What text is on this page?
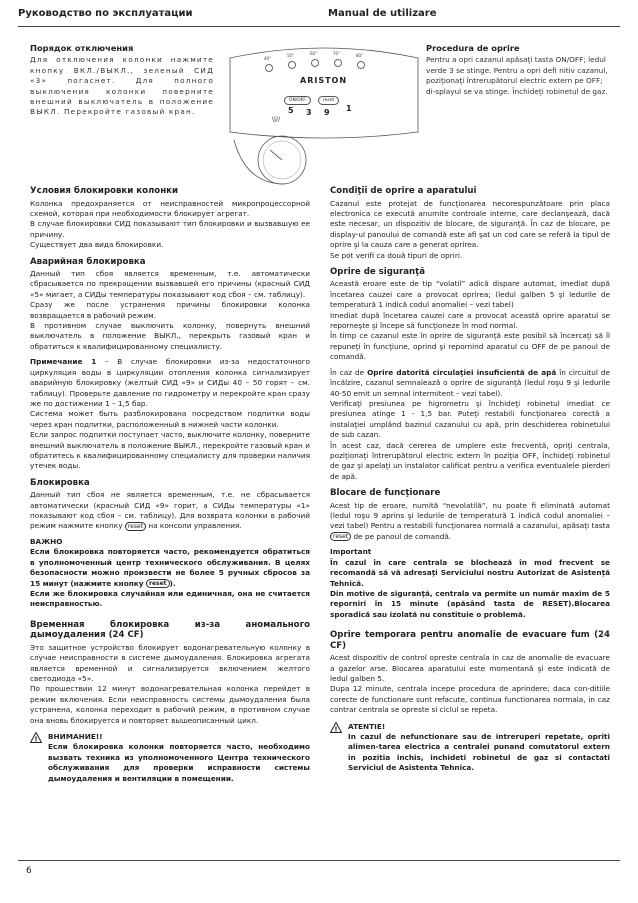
Руководство по эксплуатации	Manual de utilizare
Порядок отключения
Для отключения колонки нажмите кнопку ВКЛ./ВЫКЛ., зеленый СИД «3» погаснет. Для полного выключения колонки поверните внешний выключатель в положение ВЫКЛ. Перекройте газовый кран.
40°
50°	60°	70°	80°
ARISTON
ON/OFF	reset
\|//
5 3 9 1
Procedura de oprire
Pentru a opri cazanul apăsaţi tasta ON/OFF; ledul verde 3 se stinge. Pentru a opri defi nitiv cazanul, poziţionaţi întrerupătorul electric extern pe OFF; di-splayul se va stinge. Închideţi robinetul de gaz.
Условия блокировки колонки

Колонка предохраняется от неисправностей микропроцессорной схемой, которая при необходимости блокирует агрегат.

В случае блокировки СИД показывают тип блокировки и вызвавшую ее причину.

Существует два вида блокировки.

Аварийная блокировка

Данный тип сбоя является временным, т.е. автоматически сбрасывается по прекращении вызвавшей его причины (красный СИД «5» мигает, а СИДы температуры показывают код сбоя – см. таблицу).

Сразу же после устранения причины блокировки колонка возвращается в рабочий режим.

В противном случае выключить колонку, повернуть внешний выключатель в положение ВЫКЛ., перекрыть газовый кран и обратиться к квалифицированному специалисту.

Примечание 1 – В случае блокировки из-за недостаточного циркуляция воды в циркуляции отопления колонка сигнализирует аварийную блокировку (желтый СИД «9» и СИДы 40 – 50 горят – см. таблицу). Проверьте давление по гидрометру и перекройте кран сразу же по достижении 1 – 1,5 бар.

Система может быть разблокирована посредством подпитки воды через кран подпитки, расположенный в нижней части колонки.

Если запрос подпитки поступает часто, выключите колонку, поверните внешний выключатель в положение ВЫКЛ., перекройте газовый кран и обратитесь к квалифицированному специалисту для проверки наличия утечек воды.

Блокировка

Данный тип сбоя не является временным, т.е. не сбрасывается автоматически (красный СИД «9» горит, а СИДы температуры «1» показывают код сбоя – см. таблицу). Для возврата колонки в рабочий режим нажмите кнопку reset на консоли управления.

ВАЖНО
Если блокировка повторяется часто, рекомендуется обратиться в уполномоченный центр технического обслуживания. В целях безопасности можно произвести не более 5 ручных сбросов за 15 минут (нажмите кнопку reset ).
Если же блокировка случайная или единичная, она не считается неисправностью.
Временная блокировка из-за аномального дымоудаления (24 CF)

Это защитное устройство блокирует водонагревательную колонку в случае неисправности в системе дымоудаления. Блокировка агрегата является временной и сигнализируется включением желтого светодиода «5».

По прошествии 12 минут водонагревательная колонка перейдет в режим включения. Если неисправность системы дымоудаления была устранена, колонка переходит в рабочий режим, в противном случае она вновь блокируется и повторяет вышеописанный цикл.

! ВНИМАНИЕ!!
Если блокировка колонки повторяется часто, необходимо вызвать техника из уполномоченного Центра технического обслуживания для проверки исправности системы дымоудаления и вентиляции в помещении.
Condiţii de oprire a aparatului

Cazanul este protejat de funcţionarea necorespunzătoare prin placa electronica ce execută anumite controale interne, care declanşează, dacă este necesar, un dispozitiv de blocare, de siguranţă. În caz de blocare, pe display-ul panoului de comandă este afi şat un cod care se referă la tipul de oprire şi la cauza care a generat oprirea.

Se pot verifi ca două tipuri de opriri.

Oprire de siguranţă

Această eroare este de tip “volatil” adică dispare automat, imediat după încetarea cauzei care a provocat oprirea; (ledul galben 5 şi ledurile de temperatură 1 indică codul anomaliei – vezi tabel)

Imediat după încetarea cauzei care a provocat această oprire aparatul se reporneşte şi începe să funcţioneze în mod normal.

În timp ce cazanul este în oprire de siguranţă este posibil să încercaţi să îl repuneţi în funcţiune, oprind şi repornind aparatul cu OFF de pe panoul de comandă.

În caz de Oprire datorită circulaţiei insuficientă de apă în circuitul de încălzire, cazanul semnalează o oprire de siguranţă (ledul roşu 9 şi ledurile 40-50 emit un semnal intermitent – vezi tabel).

Verificaţi presiunea pe higrometru şi închideţi robinetul imediat ce presiunea atinge 1 - 1,5 bar. Puteţi restabili funcţionarea corectă a instalaţiei umplând bazinul cazanului cu apă, prin deschiderea robinetului de sub cazan.

În acest caz, dacă cererea de umplere este frecventă, opriţi centrala, poziţionaţi întrerupătorul electric extern în poziţia OFF, închideţi robinetul de gaz şi apelaţi un instalator calificat pentru a verifica eventualele pierderi de apă.

Blocare de funcţionare

Acest tip de eroare, numită “nevolatilă”, nu poate fi eliminată automat (ledul roşu 9 aprins şi ledurile de temperatură 1 indică codul anomaliei – vezi tabel) Pentru a restabili funcţionarea normală a cazanului, apăsaţi tasta reset de pe panoul de comandă.

Important
În cazul în care centrala se blochează în mod frecvent se recomandă să vă adresaţi Serviciului nostru Autorizat de Asistenţă Tehnică.
Din motive de siguranţă, centrala va permite un număr maxim de 5 reporniri în 15 minute (apăsând tasta de RESET).Blocarea sporadică sau izolată nu constituie o problemă.
Oprire temporara pentru anomalie de evacuare fum (24 CF)

Acest dispozitiv de control opreste centrala in caz de anomalie de evacuare a gazelor arse. Blocarea aparatului este momentană şi este indicată de ledul galben 5.

Dupa 12 minute, centrala incepe procedura de aprindere; daca con-ditiile corecte de functionare sunt refacute, continua functionarea normala, in caz contrar centrala se opreste si ciclul se repeta.

! ATENTIE!
In cazul de nefunctionare sau de intreruperi repetate, opriti alimen-tarea electrica a centralei punand comutatorul extern in pozitia inchis, inchideti robinetul de gaz si contactati Serviciul de Asistenta Tehnica.
6
